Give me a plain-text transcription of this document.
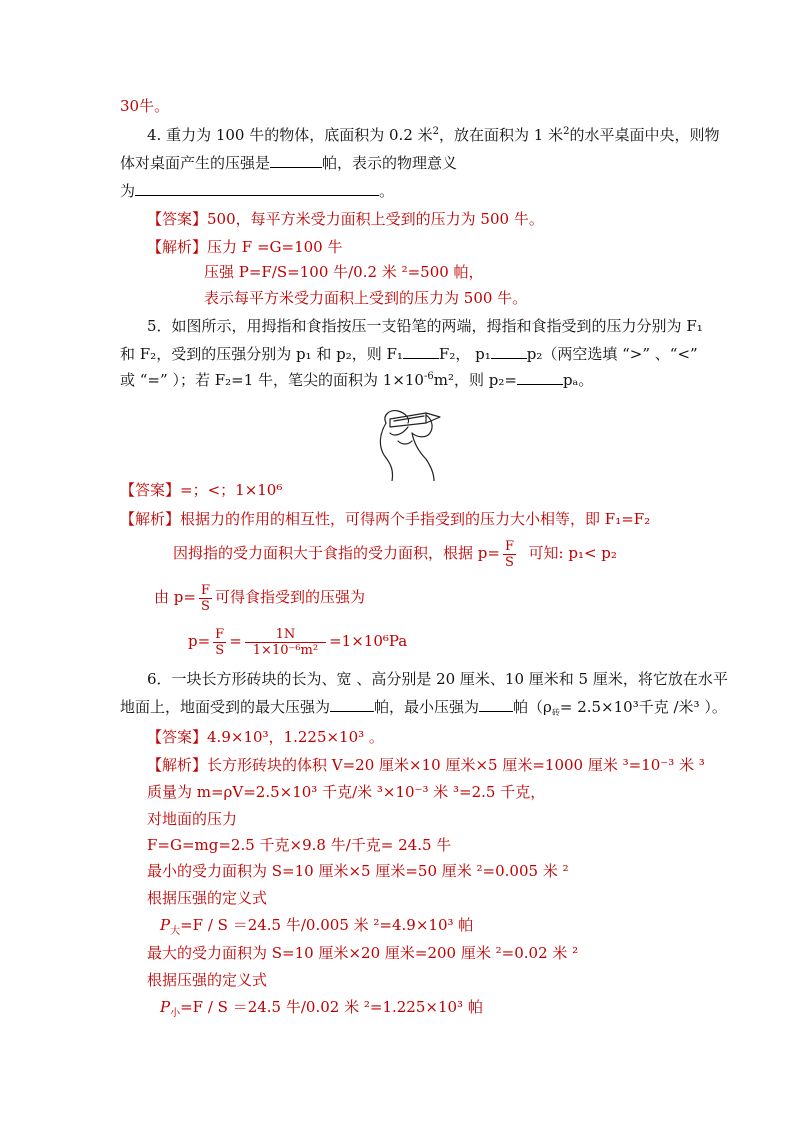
30牛。
4. 重力为 100 牛的物体，底面积为 0.2 米$^2$，放在面积为 1 米$^2$的水平桌面中央，则物
体对桌面产生的压强是	帕，表示的物理意义
为	。
【答案】500，每平方米受力面积上受到的压力为 500 牛。
【解析】压力 F =G=100 牛
压强 P=F/S=100 牛/0.2 米 ²=500 帕，
表示每平方米受力面积上受到的压力为 500 牛。
5．如图所示，用拇指和食指按压一支铅笔的两端，拇指和食指受到的压力分别为 F₁
和 F₂，受到的压强分别为 p₁ 和 p₂，则 F₁ F₂， p₁ p₂（两空选填 “>” 、“<”
或 “=” ）；若 F₂=1 牛，笔尖的面积为 $1\times 10^{-6}m^2$，则 p₂=	pₐ。
【答案】=；<；1×10⁶
【解析】根据力的作用的相互性，可得两个手指受到的压力大小相等，即 F₁=F₂
因拇指的受力面积大于食指的受力面积，根据 $p= \frac{F}{S}$ 可知: p₁< p₂
由 $p= \frac{F}{S}$ 可得食指受到的压强为
$p= \frac{F}{S} = \frac{1N}{\text{1×10⁻⁶m²}} =1\times 10^6Pa$
6．一块长方形砖块的长为、宽 、高分别是 20 厘米、10 厘米和 5 厘米，将它放在水平
地面上，地面受到的最大压强为	帕，最小压强为 帕（$\rho_砖= 2.5\times 10^3$千克 /米³ ）。
【答案】4.9×10³，1.225×10³ 。
【解析】长方形砖块的体积 V=20 厘米×10 厘米×5 厘米=1000 厘米 ³=10⁻³ 米 ³
质量为 m=ρV=2.5×10³ 千克/米 ³×10⁻³ 米 ³=2.5 千克，
对地面的压力
F=G=mg=2.5 千克×9.8 牛/千克= 24.5 牛
最小的受力面积为 S=10 厘米×5 厘米=50 厘米 ²=0.005 米 ²
根据压强的定义式
$P_大=F / S =24.5$ 牛/0.005 米 ²=4.9×10³ 帕
最大的受力面积为 S=10 厘米×20 厘米=200 厘米 ²=0.02 米 ²
根据压强的定义式
$P_小=F / S =24.5$ 牛/0.02 米 ²=1.225×10³ 帕
